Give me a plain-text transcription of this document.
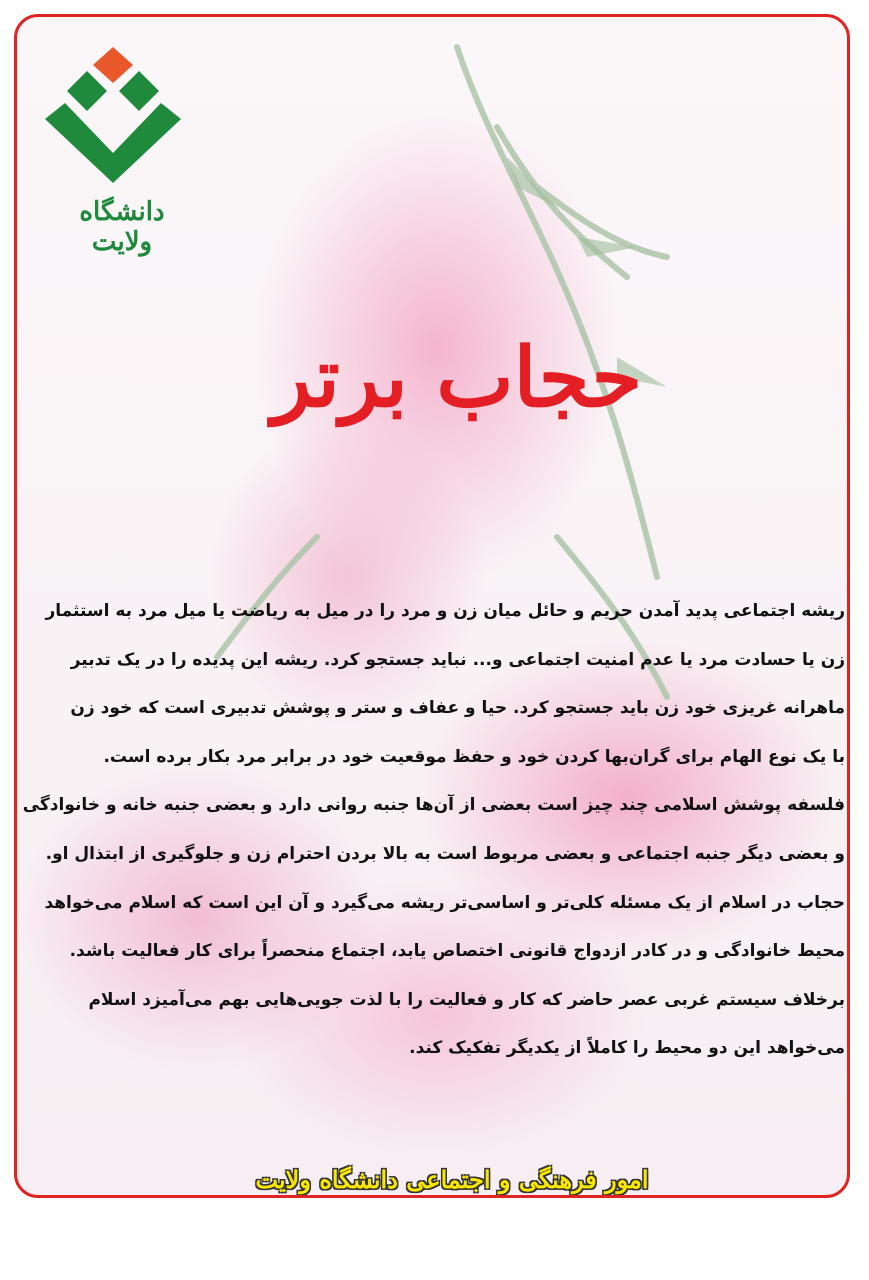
دانشگاه ولایت
حجاب برتر

ریشه اجتماعی پدید آمدن حریم و حائل میان زن و مرد را در میل به ریاضت یا میل مرد به استثمار

زن یا حسادت مرد یا عدم امنیت اجتماعی و... نباید جستجو کرد. ریشه این پدیده را در یک تدبیر

ماهرانه غریزی خود زن باید جستجو کرد. حیا و عفاف و ستر و پوشش تدبیری است که خود زن

با یک نوع الهام برای گران‌بها کردن خود و حفظ موقعیت خود در برابر مرد بکار برده است.

فلسفه پوشش اسلامی چند چیز است بعضی از آن‌ها جنبه روانی دارد و بعضی جنبه خانه و خانوادگی

و بعضی دیگر جنبه اجتماعی و بعضی مربوط است به بالا بردن احترام زن و جلوگیری از ابتذال او.

حجاب در اسلام از یک مسئله کلی‌تر و اساسی‌تر ریشه می‌گیرد و آن این است که اسلام می‌خواهد

محیط خانوادگی و در کادر ازدواج قانونی اختصاص یابد، اجتماع منحصراً برای کار فعالیت باشد.

برخلاف سیستم غربی عصر حاضر که کار و فعالیت را با لذت جویی‌هایی بهم می‌آمیزد اسلام

می‌خواهد این دو محیط را کاملاً از یکدیگر تفکیک کند.

امور فرهنگی و اجتماعی دانشگاه ولایت
